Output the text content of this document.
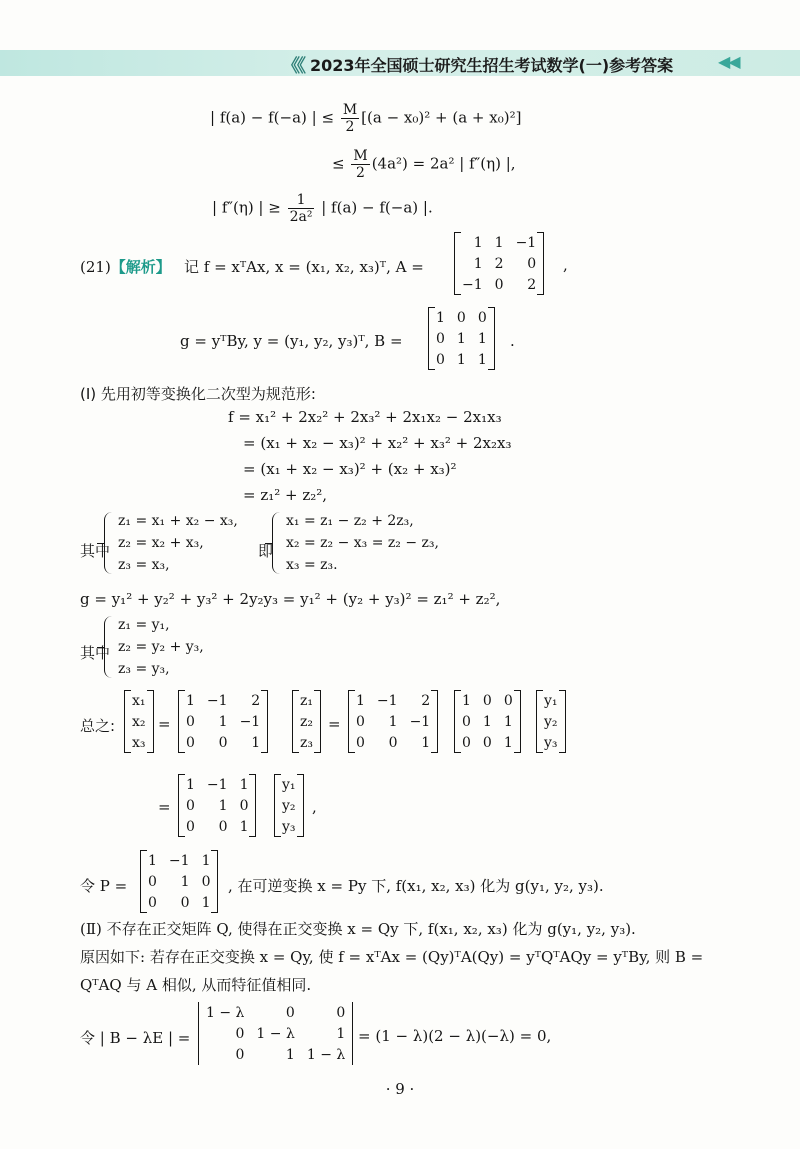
《《 2023年全国硕士研究生招生考试数学(一)参考答案	◀◀
| f(a) − f(−a) | ≤ $\frac{M}{2} [(a - x_0)^2 + (a + x_0)^2]$
≤ $\frac{M}{2} (4a^2) = 2a^2$ | f″(η) |,
| f″(η) | ≥ $\frac{1}{\text{2a²}}$ | f(a) − f(−a) |.
(21)【解析】 记 f = xᵀAx, x = (x₁, x₂, x₃)ᵀ, A =
1	1	−1
1	2	0
−1	0	2
,
g = yᵀBy, y = (y₁, y₂, y₃)ᵀ, B =
1	0	0
0	1	1
0	1	1
.
(Ⅰ) 先用初等变换化二次型为规范形:
f = x₁² + 2x₂² + 2x₃² + 2x₁x₂ − 2x₁x₃
= (x₁ + x₂ − x₃)² + x₂² + x₃² + 2x₂x₃
= (x₁ + x₂ − x₃)² + (x₂ + x₃)²
= z₁² + z₂²,
其中
z₁ = x₁ + x₂ − x₃,
z₂ = x₂ + x₃,
z₃ = x₃,
即
x₁ = z₁ − z₂ + 2z₃,
x₂ = z₂ − x₃ = z₂ − z₃,
x₃ = z₃.
g = y₁² + y₂² + y₃² + 2y₂y₃ = y₁² + (y₂ + y₃)² = z₁² + z₂²,
其中
z₁ = y₁,
z₂ = y₂ + y₃,
z₃ = y₃,
总之:
x₁
x₂
x₃
=
1	−1	2
0	1	−1
0	0	1
z₁
z₂
z₃
=
1	−1	2
0	1	−1
0	0	1
1	0	0
0	1	1
0	0	1
y₁
y₂
y₃
=
1	−1	1
0	1	0
0	0	1
y₁
y₂
y₃
,
令 P =
1	−1	1
0	1	0
0	0	1
, 在可逆变换 x = Py 下, f(x₁, x₂, x₃) 化为 g(y₁, y₂, y₃).
(Ⅱ) 不存在正交矩阵 Q, 使得在正交变换 x = Qy 下, f(x₁, x₂, x₃) 化为 g(y₁, y₂, y₃).
原因如下: 若存在正交变换 x = Qy, 使 f = xᵀAx = (Qy)ᵀA(Qy) = yᵀQᵀAQy = yᵀBy, 则 B =
QᵀAQ 与 A 相似, 从而特征值相同.
令 | B − λE | =
1 − λ	0	0
0	1 − λ	1
0	1	1 − λ
= (1 − λ)(2 − λ)(−λ) = 0,
· 9 ·
